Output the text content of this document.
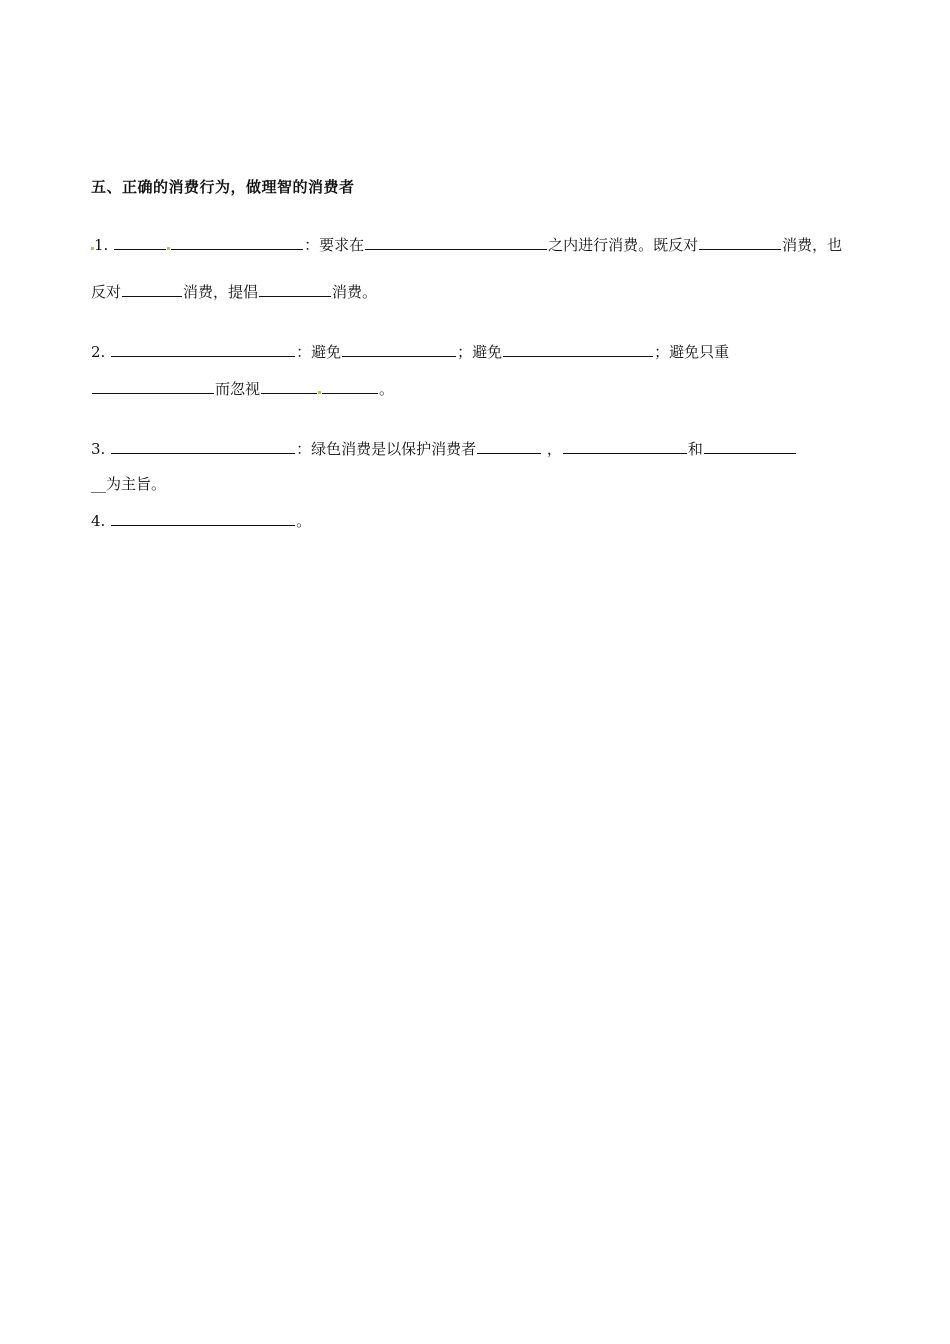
五、正确的消费行为，做理智的消费者
1.	：要求在	之内进行消费。既反对	消费，也
反对	消费，提倡	消费。
2.	：避免	；避免	；避免只重
而忽视	。
3.	：绿色消费是以保护消费者	，	和
__为主旨。
4.	。
